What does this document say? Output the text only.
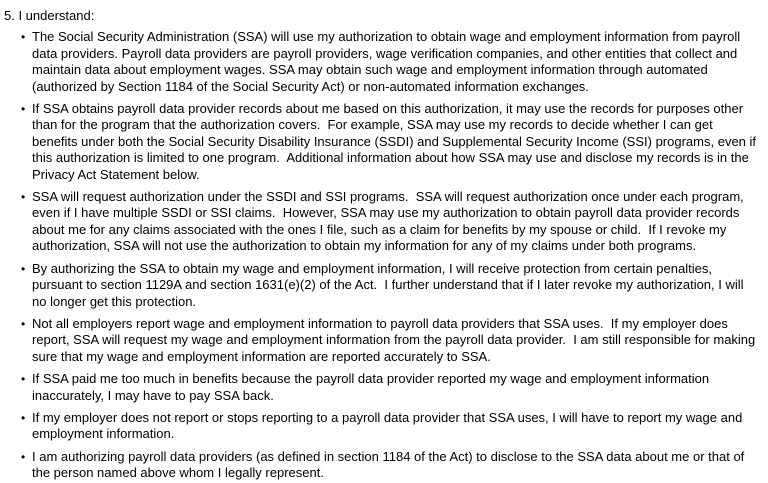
5. I understand:

• The Social Security Administration (SSA) will use my authorization to obtain wage and employment information from payroll data providers. Payroll data providers are payroll providers, wage verification companies, and other entities that collect and maintain data about employment wages. SSA may obtain such wage and employment information through automated (authorized by Section 1184 of the Social Security Act) or non-automated information exchanges.
• If SSA obtains payroll data provider records about me based on this authorization, it may use the records for purposes other than for the program that the authorization covers.  For example, SSA may use my records to decide whether I can get benefits under both the Social Security Disability Insurance (SSDI) and Supplemental Security Income (SSI) programs, even if this authorization is limited to one program.  Additional information about how SSA may use and disclose my records is in the Privacy Act Statement below.
• SSA will request authorization under the SSDI and SSI programs.  SSA will request authorization once under each program, even if I have multiple SSDI or SSI claims.  However, SSA may use my authorization to obtain payroll data provider records about me for any claims associated with the ones I file, such as a claim for benefits by my spouse or child.  If I revoke my authorization, SSA will not use the authorization to obtain my information for any of my claims under both programs.
• By authorizing the SSA to obtain my wage and employment information, I will receive protection from certain penalties, pursuant to section 1129A and section 1631(e)(2) of the Act.  I further understand that if I later revoke my authorization, I will no longer get this protection.
• Not all employers report wage and employment information to payroll data providers that SSA uses.  If my employer does report, SSA will request my wage and employment information from the payroll data provider.  I am still responsible for making sure that my wage and employment information are reported accurately to SSA.
• If SSA paid me too much in benefits because the payroll data provider reported my wage and employment information inaccurately, I may have to pay SSA back.
• If my employer does not report or stops reporting to a payroll data provider that SSA uses, I will have to report my wage and employment information.
• I am authorizing payroll data providers (as defined in section 1184 of the Act) to disclose to the SSA data about me or that of the person named above whom I legally represent.
